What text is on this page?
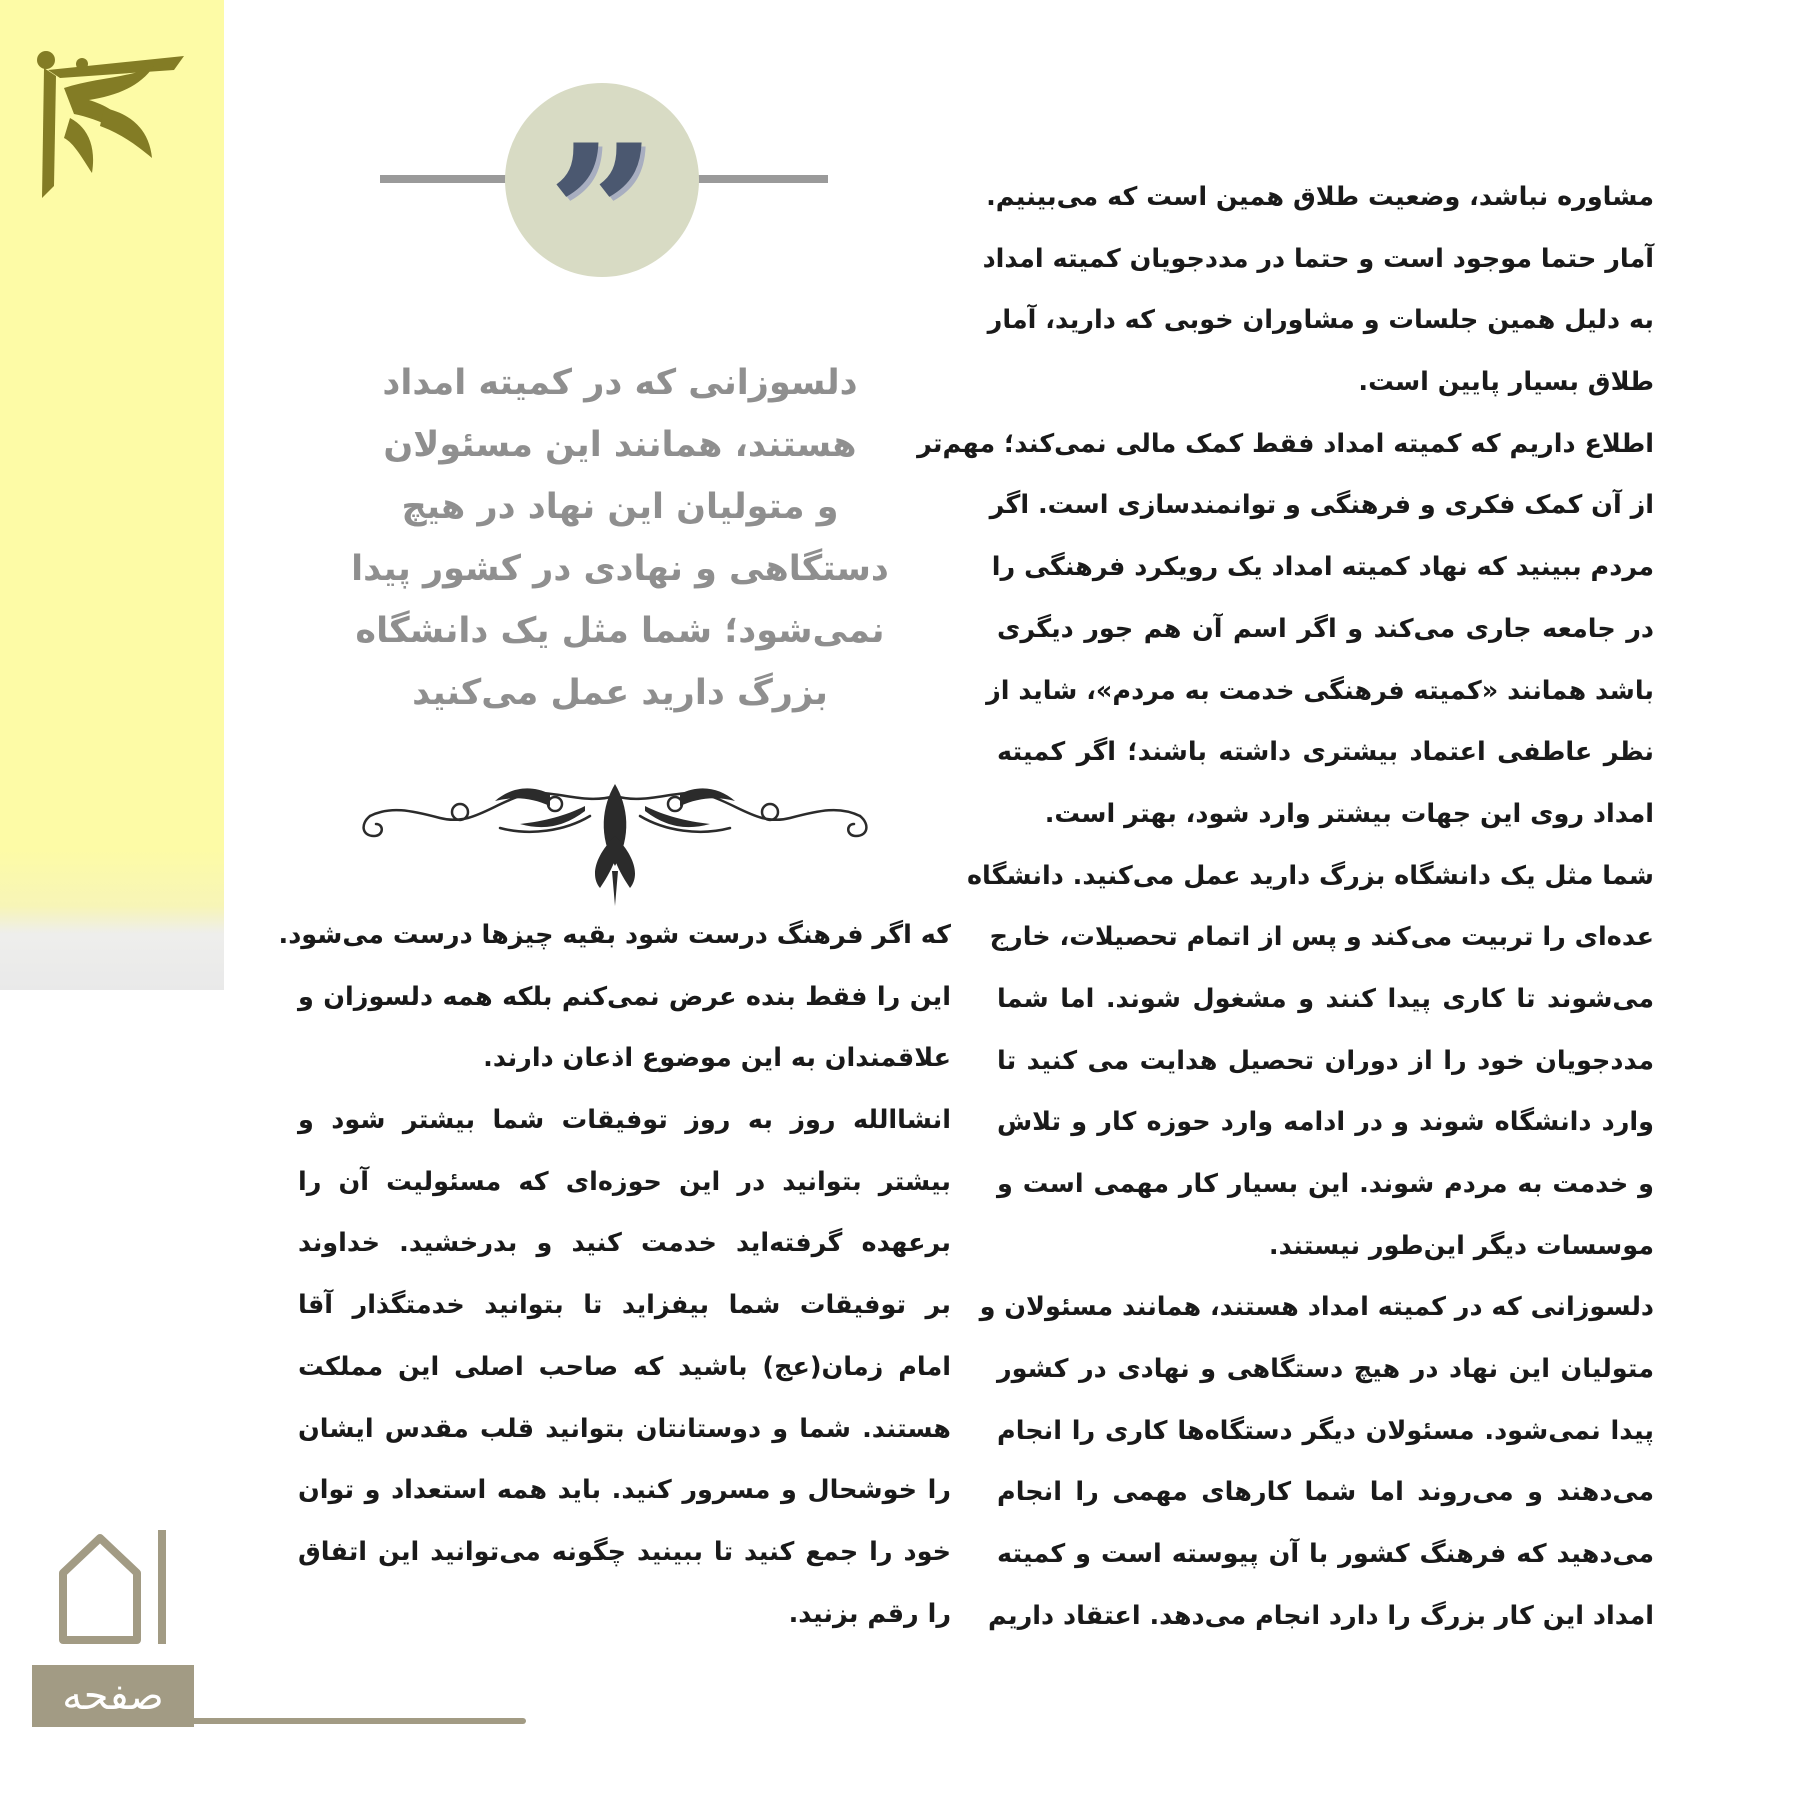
”
دلسوزانی که در کمیته امداد
هستند، همانند این مسئولان
و متولیان این نهاد در هیچ
دستگاهی و نهادی در کشور پیدا
نمی‌شود؛ شما مثل یک دانشگاه
بزرگ دارید عمل می‌کنید
مشاوره نباشد، وضعیت طلاق همین است که می‌بینیم.
آمار حتما موجود است و حتما در مددجویان کمیته امداد
به دلیل همین جلسات و مشاوران خوبی که دارید، آمار
طلاق بسیار پایین است.
اطلاع داریم که کمیته امداد فقط کمک مالی نمی‌کند؛ مهم‌تر
از آن کمک فکری و فرهنگی و توانمندسازی است. اگر
مردم ببینید که نهاد کمیته امداد یک رویکرد فرهنگی را
در جامعه جاری می‌کند و اگر اسم آن هم جور دیگری
باشد همانند «کمیته فرهنگی خدمت به مردم»، شاید از
نظر عاطفی اعتماد بیشتری داشته باشند؛ اگر کمیته
امداد روی این جهات بیشتر وارد شود، بهتر است.
شما مثل یک دانشگاه بزرگ دارید عمل می‌کنید. دانشگاه
عده‌ای را تربیت می‌کند و پس از اتمام تحصیلات، خارج
می‌شوند تا کاری پیدا کنند و مشغول شوند. اما شما
مددجویان خود را از دوران تحصیل هدایت می کنید تا
وارد دانشگاه شوند و در ادامه وارد حوزه کار و تلاش
و خدمت به مردم شوند. این بسیار کار مهمی است و
موسسات دیگر این‌طور نیستند.
دلسوزانی که در کمیته امداد هستند، همانند مسئولان و
متولیان این نهاد در هیچ دستگاهی و نهادی در کشور
پیدا نمی‌شود. مسئولان دیگر دستگاه‌ها کاری را انجام
می‌دهند و می‌روند اما شما کارهای مهمی را انجام
می‌دهید که فرهنگ کشور با آن پیوسته است و کمیته
امداد این کار بزرگ را دارد انجام می‌دهد. اعتقاد داریم
که اگر فرهنگ درست شود بقیه چیزها درست می‌شود.
این را فقط بنده عرض نمی‌کنم بلکه همه دلسوزان و
علاقمندان به این موضوع اذعان دارند.
انشاالله روز به روز توفیقات شما بیشتر شود و
بیشتر بتوانید در این حوزه‌ای که مسئولیت آن را
برعهده گرفته‌اید خدمت کنید و بدرخشید. خداوند
بر توفیقات شما بیفزاید تا بتوانید خدمتگذار آقا
امام زمان(عج) باشید که صاحب اصلی این مملکت
هستند. شما و دوستانتان بتوانید قلب مقدس ایشان
را خوشحال و مسرور کنید. باید همه استعداد و توان
خود را جمع کنید تا ببینید چگونه می‌توانید این اتفاق
را رقم بزنید.
صفحه
